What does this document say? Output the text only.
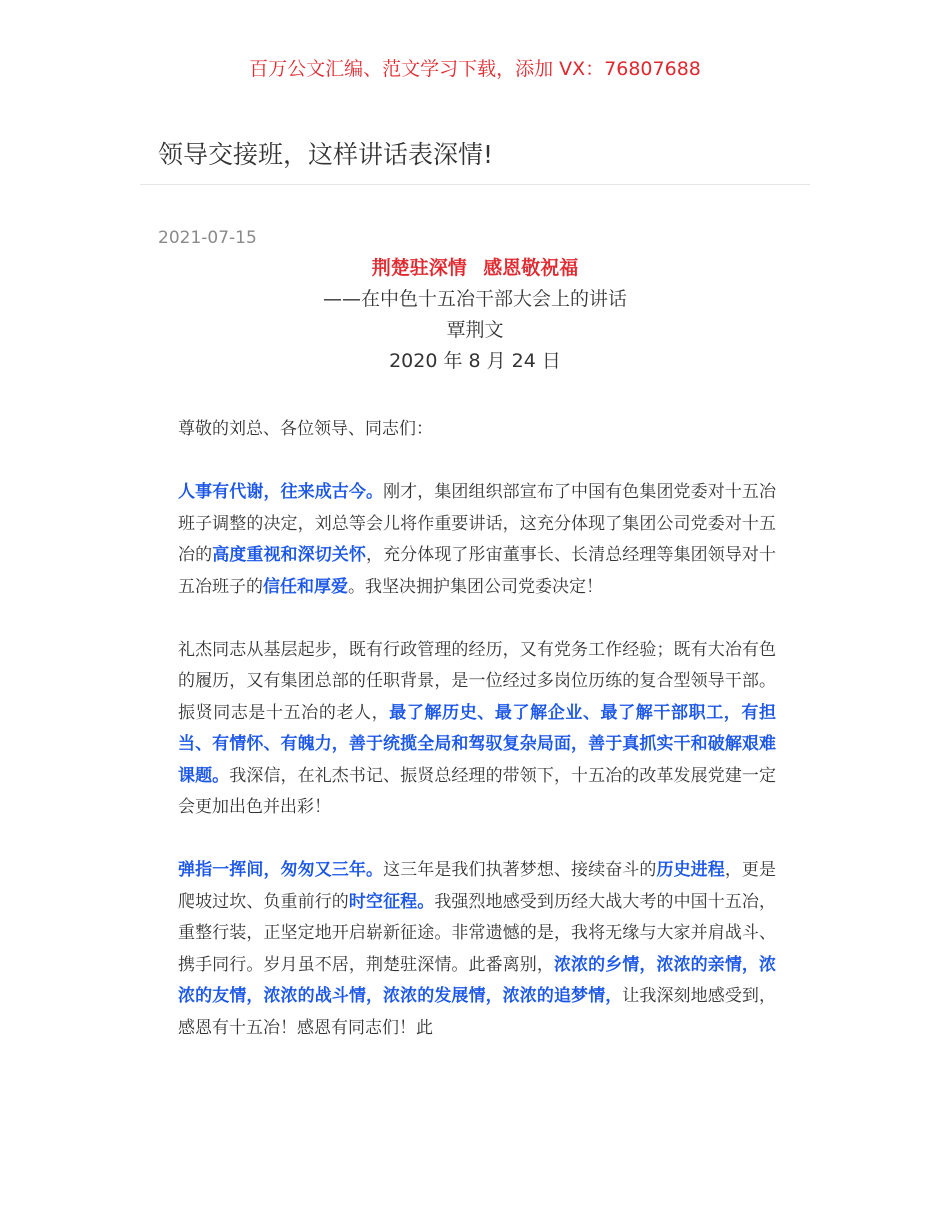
百万公文汇编、范文学习下载，添加 VX：76807688
领导交接班，这样讲话表深情!
2021-07-15
荆楚驻深情 感恩敬祝福
——在中色十五冶干部大会上的讲话
覃荆文
2020 年 8 月 24 日

尊敬的刘总、各位领导、同志们：

人事有代谢，往来成古今。刚才，集团组织部宣布了中国有色集团党委对十五冶班子调整的决定，刘总等会儿将作重要讲话，这充分体现了集团公司党委对十五冶的高度重视和深切关怀，充分体现了彤宙董事长、长清总经理等集团领导对十五冶班子的信任和厚爱。我坚决拥护集团公司党委决定！

礼杰同志从基层起步，既有行政管理的经历，又有党务工作经验；既有大冶有色的履历，又有集团总部的任职背景，是一位经过多岗位历练的复合型领导干部。振贤同志是十五冶的老人，最了解历史、最了解企业、最了解干部职工，有担当、有情怀、有魄力，善于统揽全局和驾驭复杂局面，善于真抓实干和破解艰难课题。我深信，在礼杰书记、振贤总经理的带领下，十五冶的改革发展党建一定会更加出色并出彩！

弹指一挥间，匆匆又三年。这三年是我们执著梦想、接续奋斗的历史进程，更是爬坡过坎、负重前行的时空征程。我强烈地感受到历经大战大考的中国十五冶，重整行装，正坚定地开启崭新征途。非常遗憾的是，我将无缘与大家并肩战斗、携手同行。岁月虽不居，荆楚驻深情。此番离别，浓浓的乡情，浓浓的亲情，浓浓的友情，浓浓的战斗情，浓浓的发展情，浓浓的追梦情，让我深刻地感受到，感恩有十五冶！感恩有同志们！此
